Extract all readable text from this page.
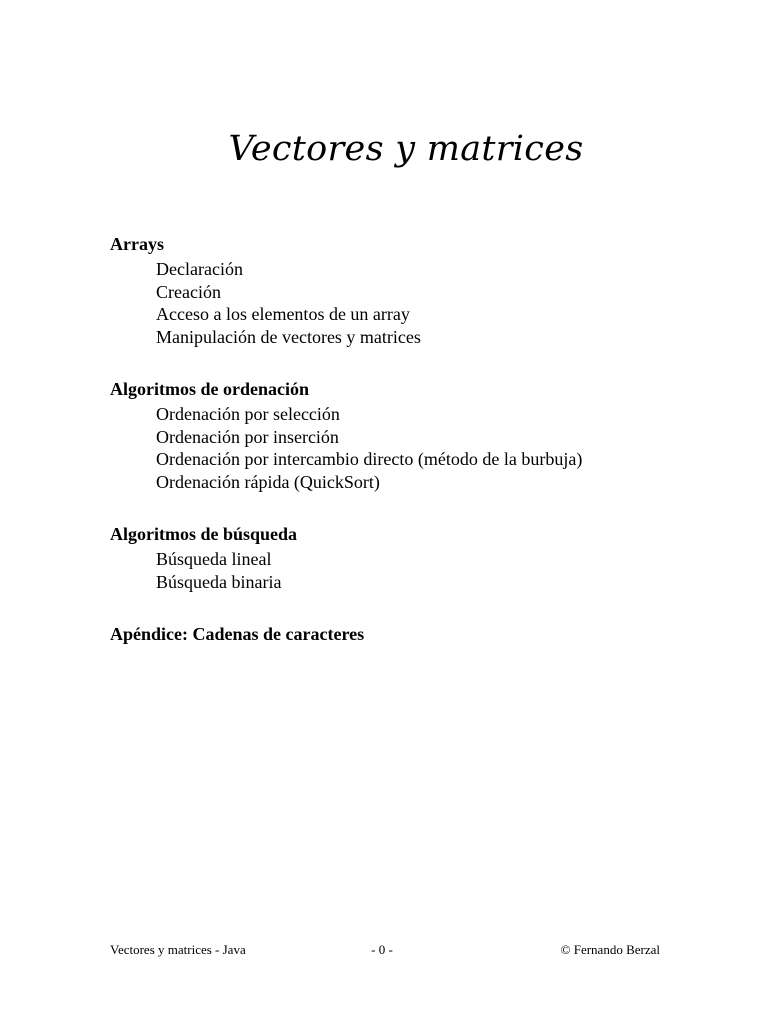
Vectores y matrices
Arrays
Declaración
Creación
Acceso a los elementos de un array
Manipulación de vectores y matrices
Algoritmos de ordenación
Ordenación por selección
Ordenación por inserción
Ordenación por intercambio directo (método de la burbuja)
Ordenación rápida (QuickSort)
Algoritmos de búsqueda
Búsqueda lineal
Búsqueda binaria
Apéndice: Cadenas de caracteres
Vectores y matrices - Java	- 0 -	© Fernando Berzal
